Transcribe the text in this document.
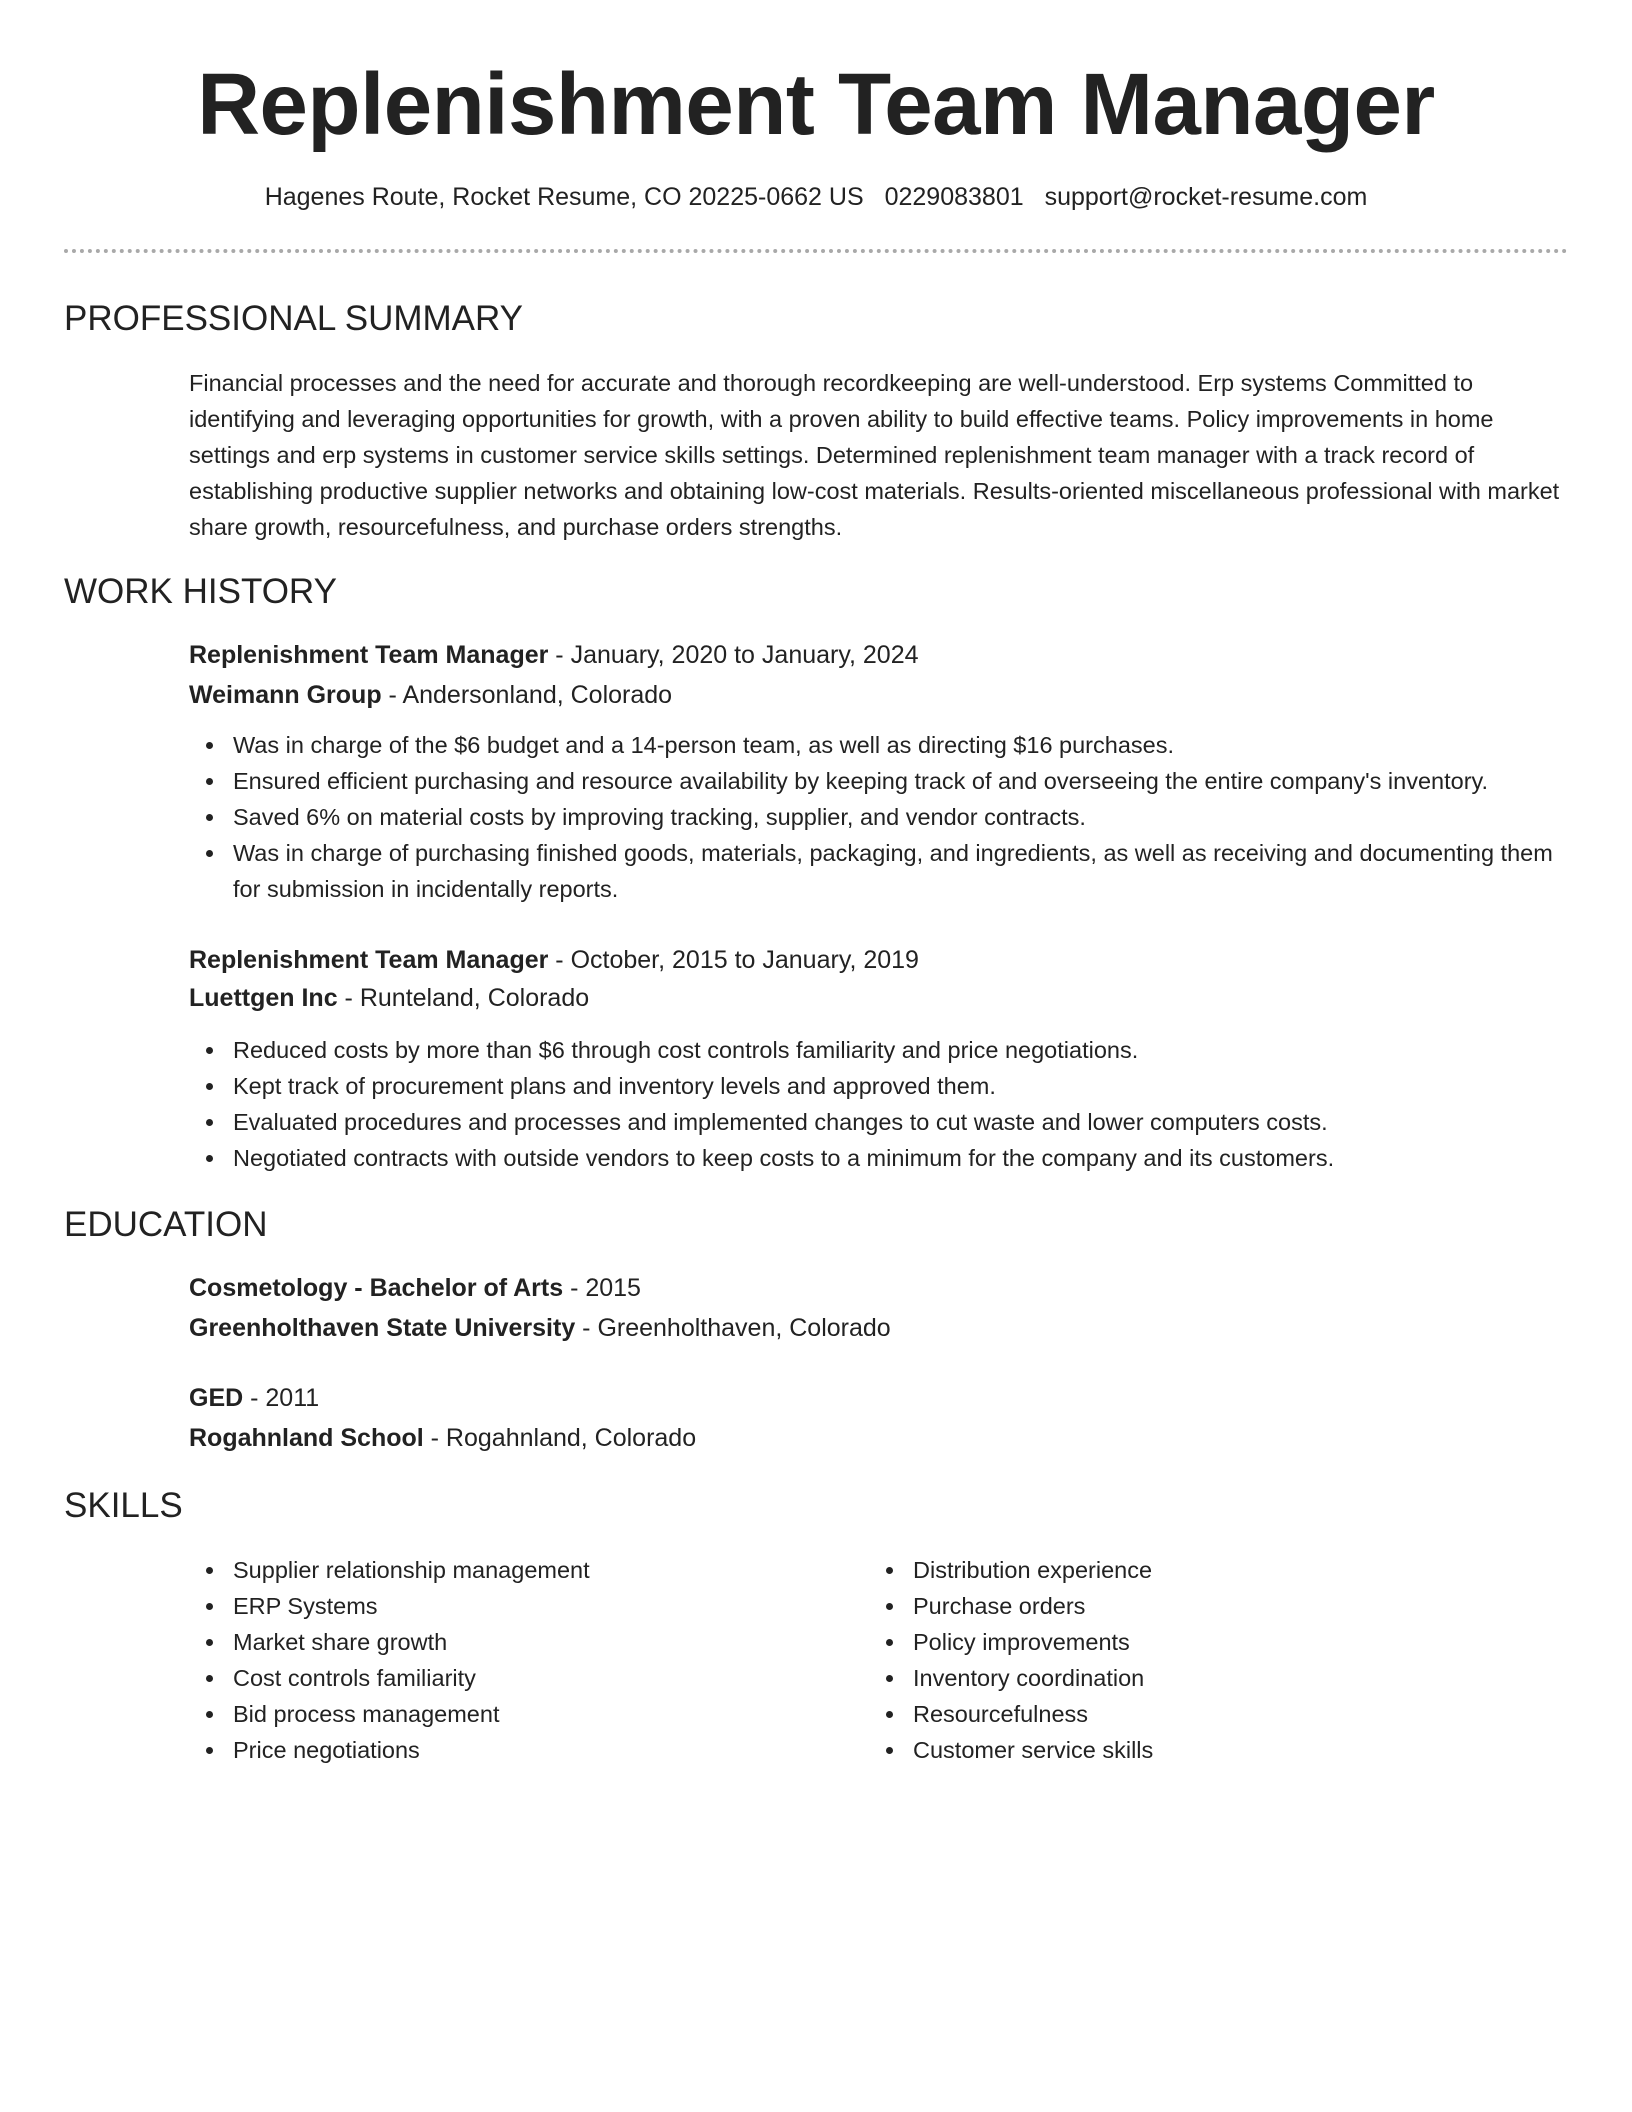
Replenishment Team Manager
Hagenes Route, Rocket Resume, CO 20225-0662 US 0229083801 support@rocket-resume.com
PROFESSIONAL SUMMARY

Financial processes and the need for accurate and thorough recordkeeping are well-understood. Erp systems Committed to identifying and leveraging opportunities for growth, with a proven ability to build effective teams. Policy improvements in home settings and erp systems in customer service skills settings. Determined replenishment team manager with a track record of establishing productive supplier networks and obtaining low-cost materials. Results-oriented miscellaneous professional with market share growth, resourcefulness, and purchase orders strengths.

WORK HISTORY
Replenishment Team Manager - January, 2020 to January, 2024
Weimann Group - Andersonland, Colorado
Was in charge of the $6 budget and a 14-person team, as well as directing $16 purchases.
Ensured efficient purchasing and resource availability by keeping track of and overseeing the entire company's inventory.
Saved 6% on material costs by improving tracking, supplier, and vendor contracts.
Was in charge of purchasing finished goods, materials, packaging, and ingredients, as well as receiving and documenting them for submission in incidentally reports.
Replenishment Team Manager - October, 2015 to January, 2019
Luettgen Inc - Runteland, Colorado
Reduced costs by more than $6 through cost controls familiarity and price negotiations.
Kept track of procurement plans and inventory levels and approved them.
Evaluated procedures and processes and implemented changes to cut waste and lower computers costs.
Negotiated contracts with outside vendors to keep costs to a minimum for the company and its customers.
EDUCATION
Cosmetology - Bachelor of Arts - 2015
Greenholthaven State University - Greenholthaven, Colorado
GED - 2011
Rogahnland School - Rogahnland, Colorado
SKILLS
Supplier relationship management
ERP Systems
Market share growth
Cost controls familiarity
Bid process management
Price negotiations
Distribution experience
Purchase orders
Policy improvements
Inventory coordination
Resourcefulness
Customer service skills
